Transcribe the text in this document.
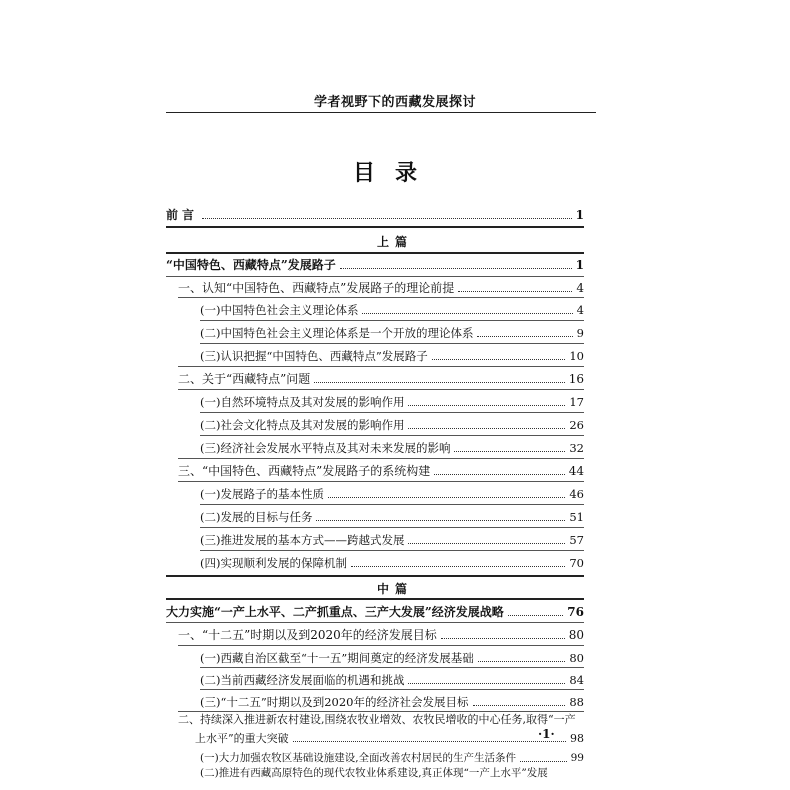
学者视野下的西藏发展探讨
目录
前言	1
上篇
“中国特色、西藏特点”发展路子	1
一、认知“中国特色、西藏特点”发展路子的理论前提	4
(一)中国特色社会主义理论体系	4
(二)中国特色社会主义理论体系是一个开放的理论体系	9
(三)认识把握“中国特色、西藏特点”发展路子	10
二、关于“西藏特点”问题	16
(一)自然环境特点及其对发展的影响作用	17
(二)社会文化特点及其对发展的影响作用	26
(三)经济社会发展水平特点及其对未来发展的影响	32
三、“中国特色、西藏特点”发展路子的系统构建	44
(一)发展路子的基本性质	46
(二)发展的目标与任务	51
(三)推进发展的基本方式——跨越式发展	57
(四)实现顺利发展的保障机制	70
中篇
大力实施“一产上水平、二产抓重点、三产大发展”经济发展战略	76
一、“十二五”时期以及到2020年的经济发展目标	80
(一)西藏自治区截至“十一五”期间奠定的经济发展基础	80
(二)当前西藏经济发展面临的机遇和挑战	84
(三)“十二五”时期以及到2020年的经济社会发展目标	88
二、持续深入推进新农村建设,围绕农牧业增效、农牧民增收的中心任务,取得“一产
·1·
上水平”的重大突破	98
(一)大力加强农牧区基础设施建设,全面改善农村居民的生产生活条件	99
(二)推进有西藏高原特色的现代农牧业体系建设,真正体现“一产上水平”发展
